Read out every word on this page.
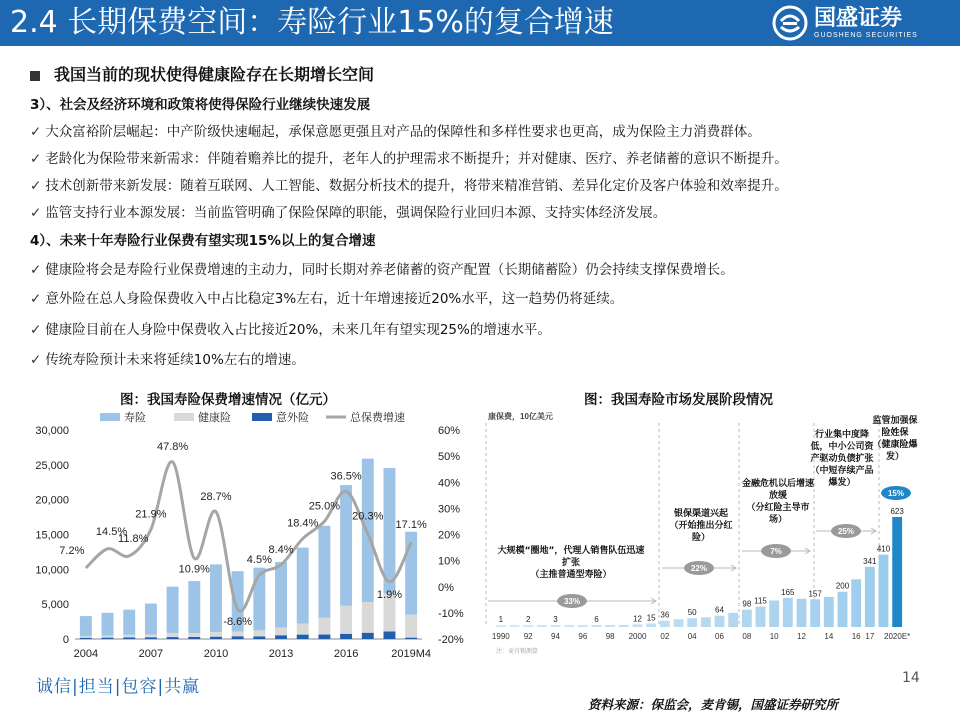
2.4 长期保费空间：寿险行业15%的复合增速	国盛证券
GUOSHENG SECURITIES
我国当前的现状使得健康险存在长期增长空间
3）、社会及经济环境和政策将使得保险行业继续快速发展
✓ 大众富裕阶层崛起：中产阶级快速崛起，承保意愿更强且对产品的保障性和多样性要求也更高，成为保险主力消费群体。
✓ 老龄化为保险带来新需求：伴随着赡养比的提升，老年人的护理需求不断提升；并对健康、医疗、养老储蓄的意识不断提升。
✓ 技术创新带来新发展：随着互联网、人工智能、数据分析技术的提升，将带来精准营销、差异化定价及客户体验和效率提升。
✓ 监管支持行业本源发展：当前监管明确了保险保障的职能，强调保险行业回归本源、支持实体经济发展。
4）、未来十年寿险行业保费有望实现15%以上的复合增速
✓ 健康险将会是寿险行业保费增速的主动力，同时长期对养老储蓄的资产配置（长期储蓄险）仍会持续支撑保费增长。
✓ 意外险在总人身险保费收入中占比稳定3%左右，近十年增速接近20%水平，这一趋势仍将延续。
✓ 健康险目前在人身险中保费收入占比接近20%，未来几年有望实现25%的增速水平。
✓ 传统寿险预计未来将延续10%左右的增速。
图：我国寿险保费增速情况（亿元）	图：我国寿险市场发展阶段情况
寿险	健康险	意外险	总保费增速
0
5,000
10,000
15,000
20,000
25,000
30,000
-20%
-10%
0%
10%
20%
30%
40%
50%
60%
2004	2007	2010	2013	2016	2019M4
7.2%
14.5%
11.8%
21.9%
47.8%
10.9%
28.7%
-8.6%
4.5%
8.4%
18.4%
25.0%
36.5%
20.3%
1.9%
17.1%
康保费，10亿美元
1	2	3	6	12 15 36 50 64
98 115
165 157
200
341
410
623
1990 92 94 96 98 2000 02 04 06 08 10 12 14 16 17 2020E*
33%
22%
7%
25%
15%
大规模“圈地”，代理人销售队伍迅速扩张
（主推普通型寿险）
银保渠道兴起
（开始推出分红险）
金融危机以后增速放缓
（分红险主导市场）
行业集中度降低，中小公司资产驱动负债扩张
（中短存续产品爆发）
监管加强保险姓保
（健康险爆发）
注：麦肯锡测算
诚信|担当|包容|共赢	14
资料来源：保监会，麦肯锡，国盛证券研究所
